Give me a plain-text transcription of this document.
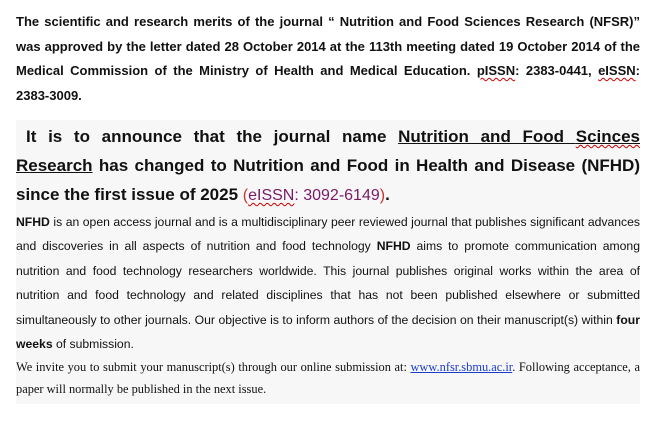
The scientific and research merits of the journal “ Nutrition and Food Sciences Research (NFSR)” was approved by the letter dated 28 October 2014 at the 113th meeting dated 19 October 2014 of the Medical Commission of the Ministry of Health and Medical Education. pISSN: 2383-0441, eISSN: 2383-3009.

It is to announce that the journal name Nutrition and Food Scinces Research has changed to Nutrition and Food in Health and Disease (NFHD) since the first issue of 2025 (eISSN: 3092-6149).

NFHD is an open access journal and is a multidisciplinary peer reviewed journal that publishes significant advances and discoveries in all aspects of nutrition and food technology NFHD aims to promote communication among nutrition and food technology researchers worldwide. This journal publishes original works within the area of nutrition and food technology and related disciplines that has not been published elsewhere or submitted simultaneously to other journals. Our objective is to inform authors of the decision on their manuscript(s) within four weeks of submission.

We invite you to submit your manuscript(s) through our online submission at: www.nfsr.sbmu.ac.ir. Following acceptance, a paper will normally be published in the next issue.
